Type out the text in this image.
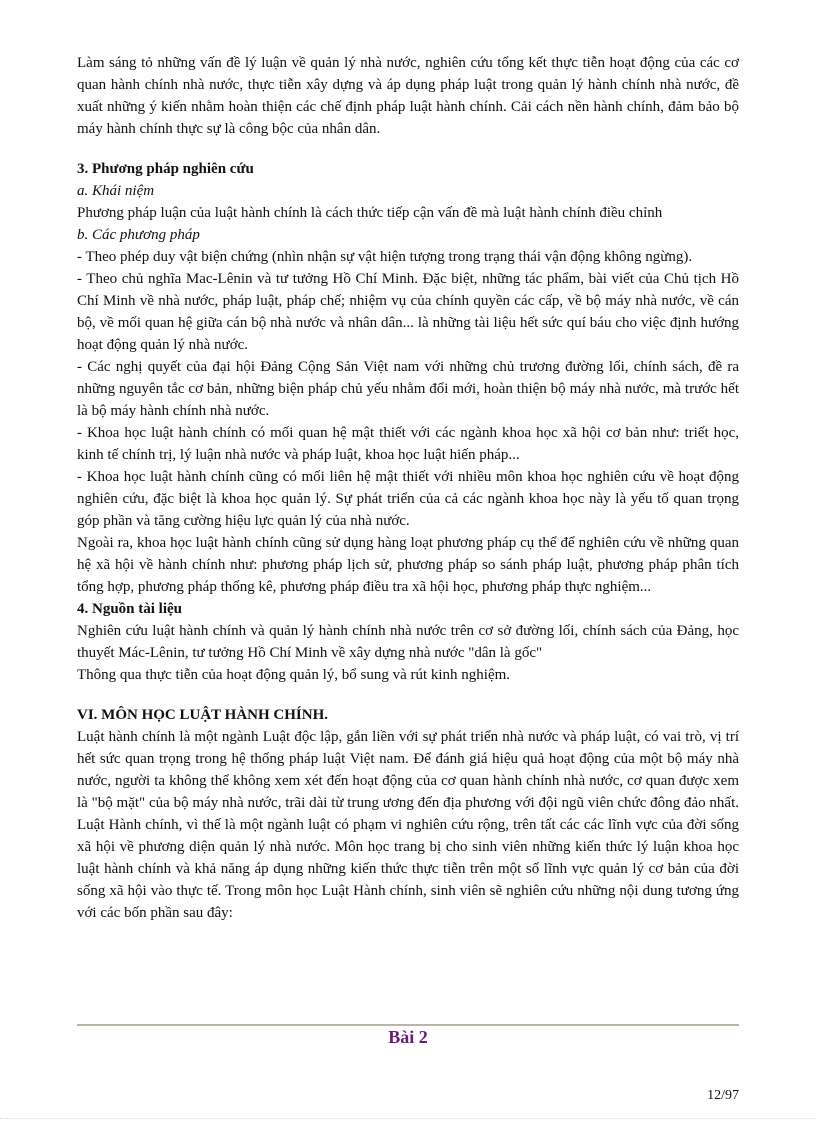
Làm sáng tỏ những vấn đề lý luận về quản lý nhà nước, nghiên cứu tổng kết thực tiễn hoạt động của các cơ quan hành chính nhà nước, thực tiễn xây dựng và áp dụng pháp luật trong quản lý hành chính nhà nước, đề xuất những ý kiến nhằm hoàn thiện các chế định pháp luật hành chính. Cải cách nền hành chính, đảm bảo bộ máy hành chính thực sự là công bộc của nhân dân.

3. Phương pháp nghiên cứu

a. Khái niệm

Phương pháp luận của luật hành chính là cách thức tiếp cận vấn đề mà luật hành chính điều chỉnh

b. Các phương pháp

- Theo phép duy vật biện chứng (nhìn nhận sự vật hiện tượng trong trạng thái vận động không ngừng).

- Theo chủ nghĩa Mac-Lênin và tư tưởng Hồ Chí Minh. Đặc biệt, những tác phẩm, bài viết của Chủ tịch Hồ Chí Minh về nhà nước, pháp luật, pháp chế; nhiệm vụ của chính quyền các cấp, về bộ máy nhà nước, về cán bộ, về mối quan hệ giữa cán bộ nhà nước và nhân dân... là những tài liệu hết sức quí báu cho việc định hướng hoạt động quản lý nhà nước.

- Các nghị quyết của đại hội Đảng Cộng Sản Việt nam với những chủ trương đường lối, chính sách, đề ra những nguyên tắc cơ bản, những biện pháp chủ yếu nhằm đổi mới, hoàn thiện bộ máy nhà nước, mà trước hết là bộ máy hành chính nhà nước.

- Khoa học luật hành chính có mối quan hệ mật thiết với các ngành khoa học xã hội cơ bản như: triết học, kinh tế chính trị, lý luận nhà nước và pháp luật, khoa học luật hiến pháp...

- Khoa học luật hành chính cũng có mối liên hệ mật thiết với nhiều môn khoa học nghiên cứu về hoạt động nghiên cứu, đặc biệt là khoa học quản lý. Sự phát triển của cả các ngành khoa học này là yếu tố quan trọng góp phần và tăng cường hiệu lực quản lý của nhà nước.

Ngoài ra, khoa học luật hành chính cũng sử dụng hàng loạt phương pháp cụ thể để nghiên cứu về những quan hệ xã hội về hành chính như: phương pháp lịch sử, phương pháp so sánh pháp luật, phương pháp phân tích tổng hợp, phương pháp thống kê, phương pháp điều tra xã hội học, phương pháp thực nghiệm...

4. Nguồn tài liệu

Nghiên cứu luật hành chính và quản lý hành chính nhà nước trên cơ sở đường lối, chính sách của Đảng, học thuyết Mác-Lênin, tư tưởng Hồ Chí Minh về xây dựng nhà nước "dân là gốc"

Thông qua thực tiễn của hoạt động quản lý, bổ sung và rút kinh nghiệm.

VI. MÔN HỌC LUẬT HÀNH CHÍNH.

Luật hành chính là một ngành Luật độc lập, gắn liền với sự phát triển nhà nước và pháp luật, có vai trò, vị trí hết sức quan trọng trong hệ thống pháp luật Việt nam. Để đánh giá hiệu quả hoạt động của một bộ máy nhà nước, người ta không thể không xem xét đến hoạt động của cơ quan hành chính nhà nước, cơ quan được xem là "bộ mặt" của bộ máy nhà nước, trãi dài từ trung ương đến địa phương với đội ngũ viên chức đông đảo nhất. Luật Hành chính, vì thế là một ngành luật có phạm vi nghiên cứu rộng, trên tất các các lĩnh vực của đời sống xã hội về phương diện quản lý nhà nước. Môn học trang bị cho sinh viên những kiến thức lý luận khoa học luật hành chính và khả năng áp dụng những kiến thức thực tiễn trên một số lĩnh vực quản lý cơ bản của đời sống xã hội vào thực tế. Trong môn học Luật Hành chính, sinh viên sẽ nghiên cứu những nội dung tương ứng với các bốn phần sau đây:

Bài 2
12/97
